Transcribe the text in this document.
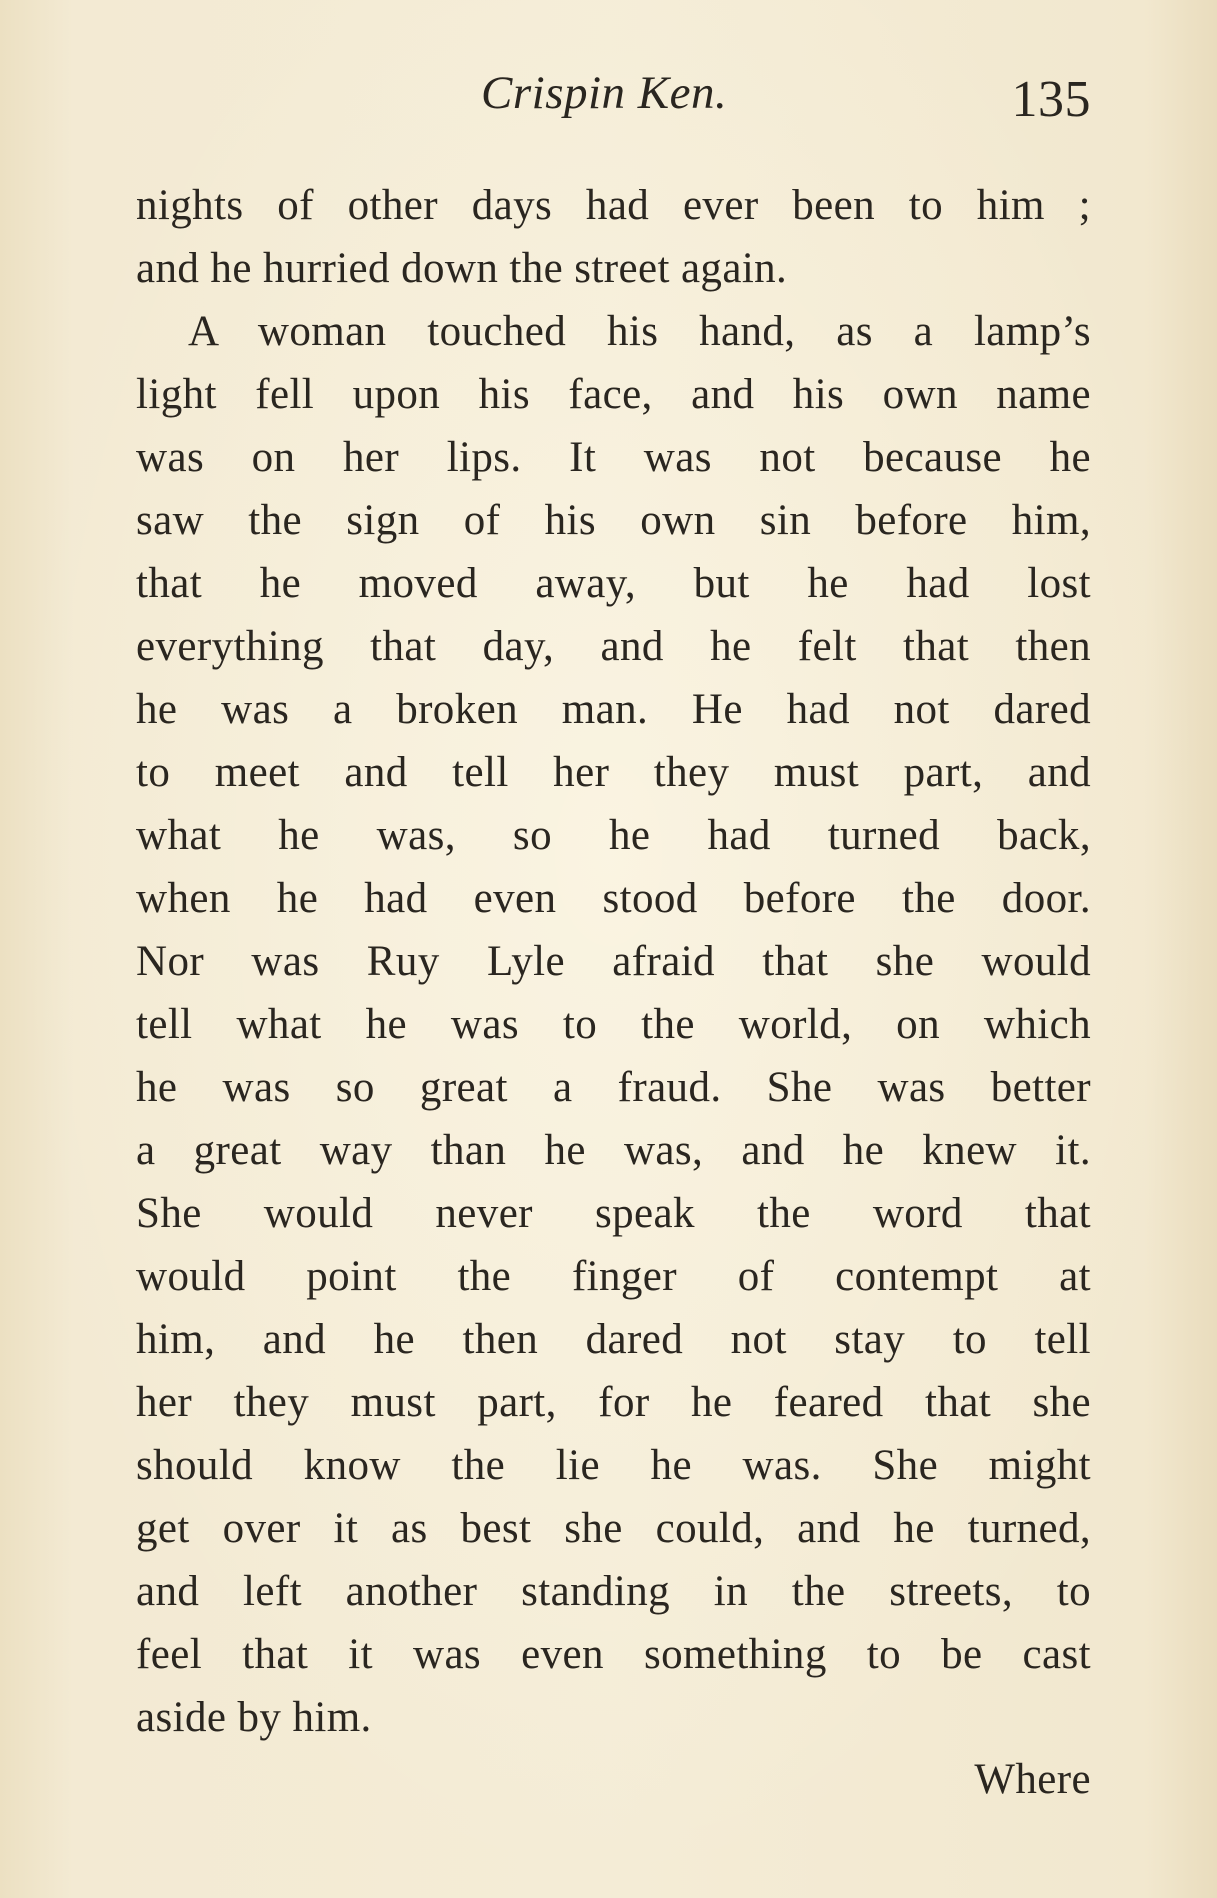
Crispin Ken.	135
nights of other days had ever been to him ;
and he hurried down the street again.
A woman touched his hand, as a lamp’s
light fell upon his face, and his own name
was on her lips. It was not because he
saw the sign of his own sin before him,
that he moved away, but he had lost
everything that day, and he felt that then
he was a broken man. He had not dared
to meet and tell her they must part, and
what he was, so he had turned back,
when he had even stood before the door.
Nor was Ruy Lyle afraid that she would
tell what he was to the world, on which
he was so great a fraud. She was better
a great way than he was, and he knew it.
She would never speak the word that
would point the finger of contempt at
him, and he then dared not stay to tell
her they must part, for he feared that she
should know the lie he was. She might
get over it as best she could, and he turned,
and left another standing in the streets, to
feel that it was even something to be cast
aside by him.
Where
